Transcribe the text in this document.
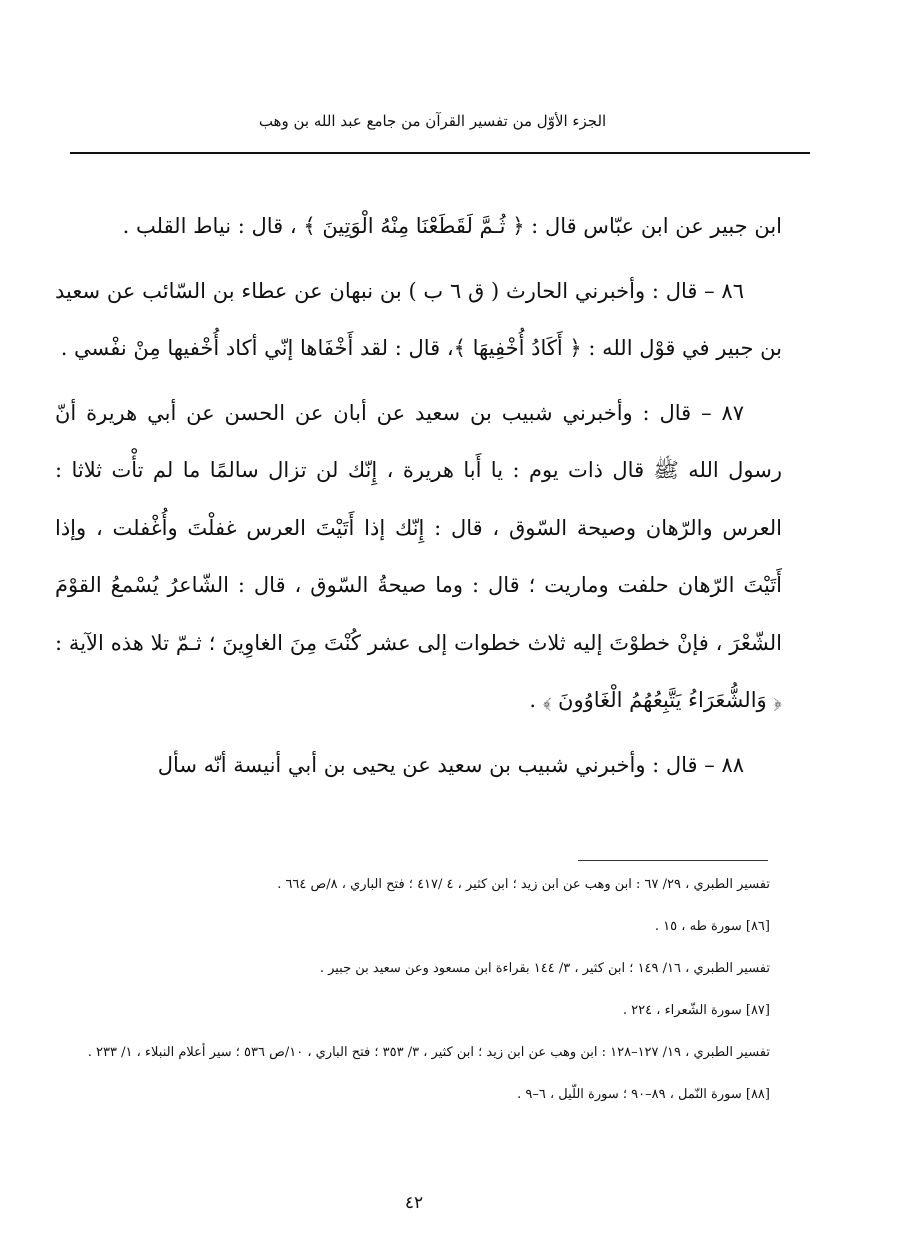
الجزء الأوّل من تفسير القرآن من جامع عبد الله بن وهب

ابن جبير عن ابن عبّاس قال : ﴿ ثُـمَّ لَقَطَعْنَا مِنْهُ الْوَتِينَ ﴾ ، قال : نياط القلب .

٨٦ – قال : وأخبرني الحارث ( ق ٦ ب ) بن نبهان عن عطاء بن السّائب عن سعيد بن جبير في قوْل الله : ﴿ أَكَادُ أُخْفِيهَا ﴾، قال : لقد أَخْفَاها إنّي أكاد أُخْفيها مِنْ نفْسي .

٨٧ – قال : وأخبرني شبيب بن سعيد عن أبان عن الحسن عن أبي هريرة أنّ رسول الله ﷺ قال ذات يوم : يا أَبا هريرة ، إِنّك لن تزال سالمًا ما لم تأْت ثلاثا : العرس والرّهان وصيحة السّوق ، قال : إِنّك إذا أَتَيْتَ العرس غفلْتَ وأُغْفلت ، وإذا أَتَيْتَ الرّهان حلفت وماريت ؛ قال : وما صيحةُ السّوق ، قال : الشّاعرُ يُسْمعُ القوْمَ الشّعْرَ ، فإنْ خطوْتَ إليه ثلاث خطوات إلى عشر كُنْتَ مِنَ الغاوِينَ ؛ ثـمّ تلا هذه الآية : ﴿ وَالشُّعَرَاءُ يَتَّبِعُهُمُ الْغَاوُونَ ﴾ .

٨٨ – قال : وأخبرني شبيب بن سعيد عن يحيى بن أبي أنيسة أنّه سأل

تفسير الطبري ، ٢٩/ ٦٧ : ابن وهب عن ابن زيد ؛ ابن كثير ، ٤ /٤١٧ ؛ فتح الباري ، ٨/ص ٦٦٤ .

[٨٦] سورة طه ، ١٥ .

تفسير الطبري ، ١٦/ ١٤٩ ؛ ابن كثير ، ٣/ ١٤٤ بقراءة ابن مسعود وعن سعيد بن جبير .

[٨٧] سورة الشّعراء ، ٢٢٤ .

تفسير الطبري ، ١٩/ ١٢٧–١٢٨ : ابن وهب عن ابن زيد ؛ ابن كثير ، ٣/ ٣٥٣ ؛ فتح الباري ، ١٠/ص ٥٣٦ ؛ سير أعلام النبلاء ، ١/ ٢٣٣ .

[٨٨] سورة النّمل ، ٨٩–٩٠ ؛ سورة اللّيل ، ٦–٩ .

٤٢
